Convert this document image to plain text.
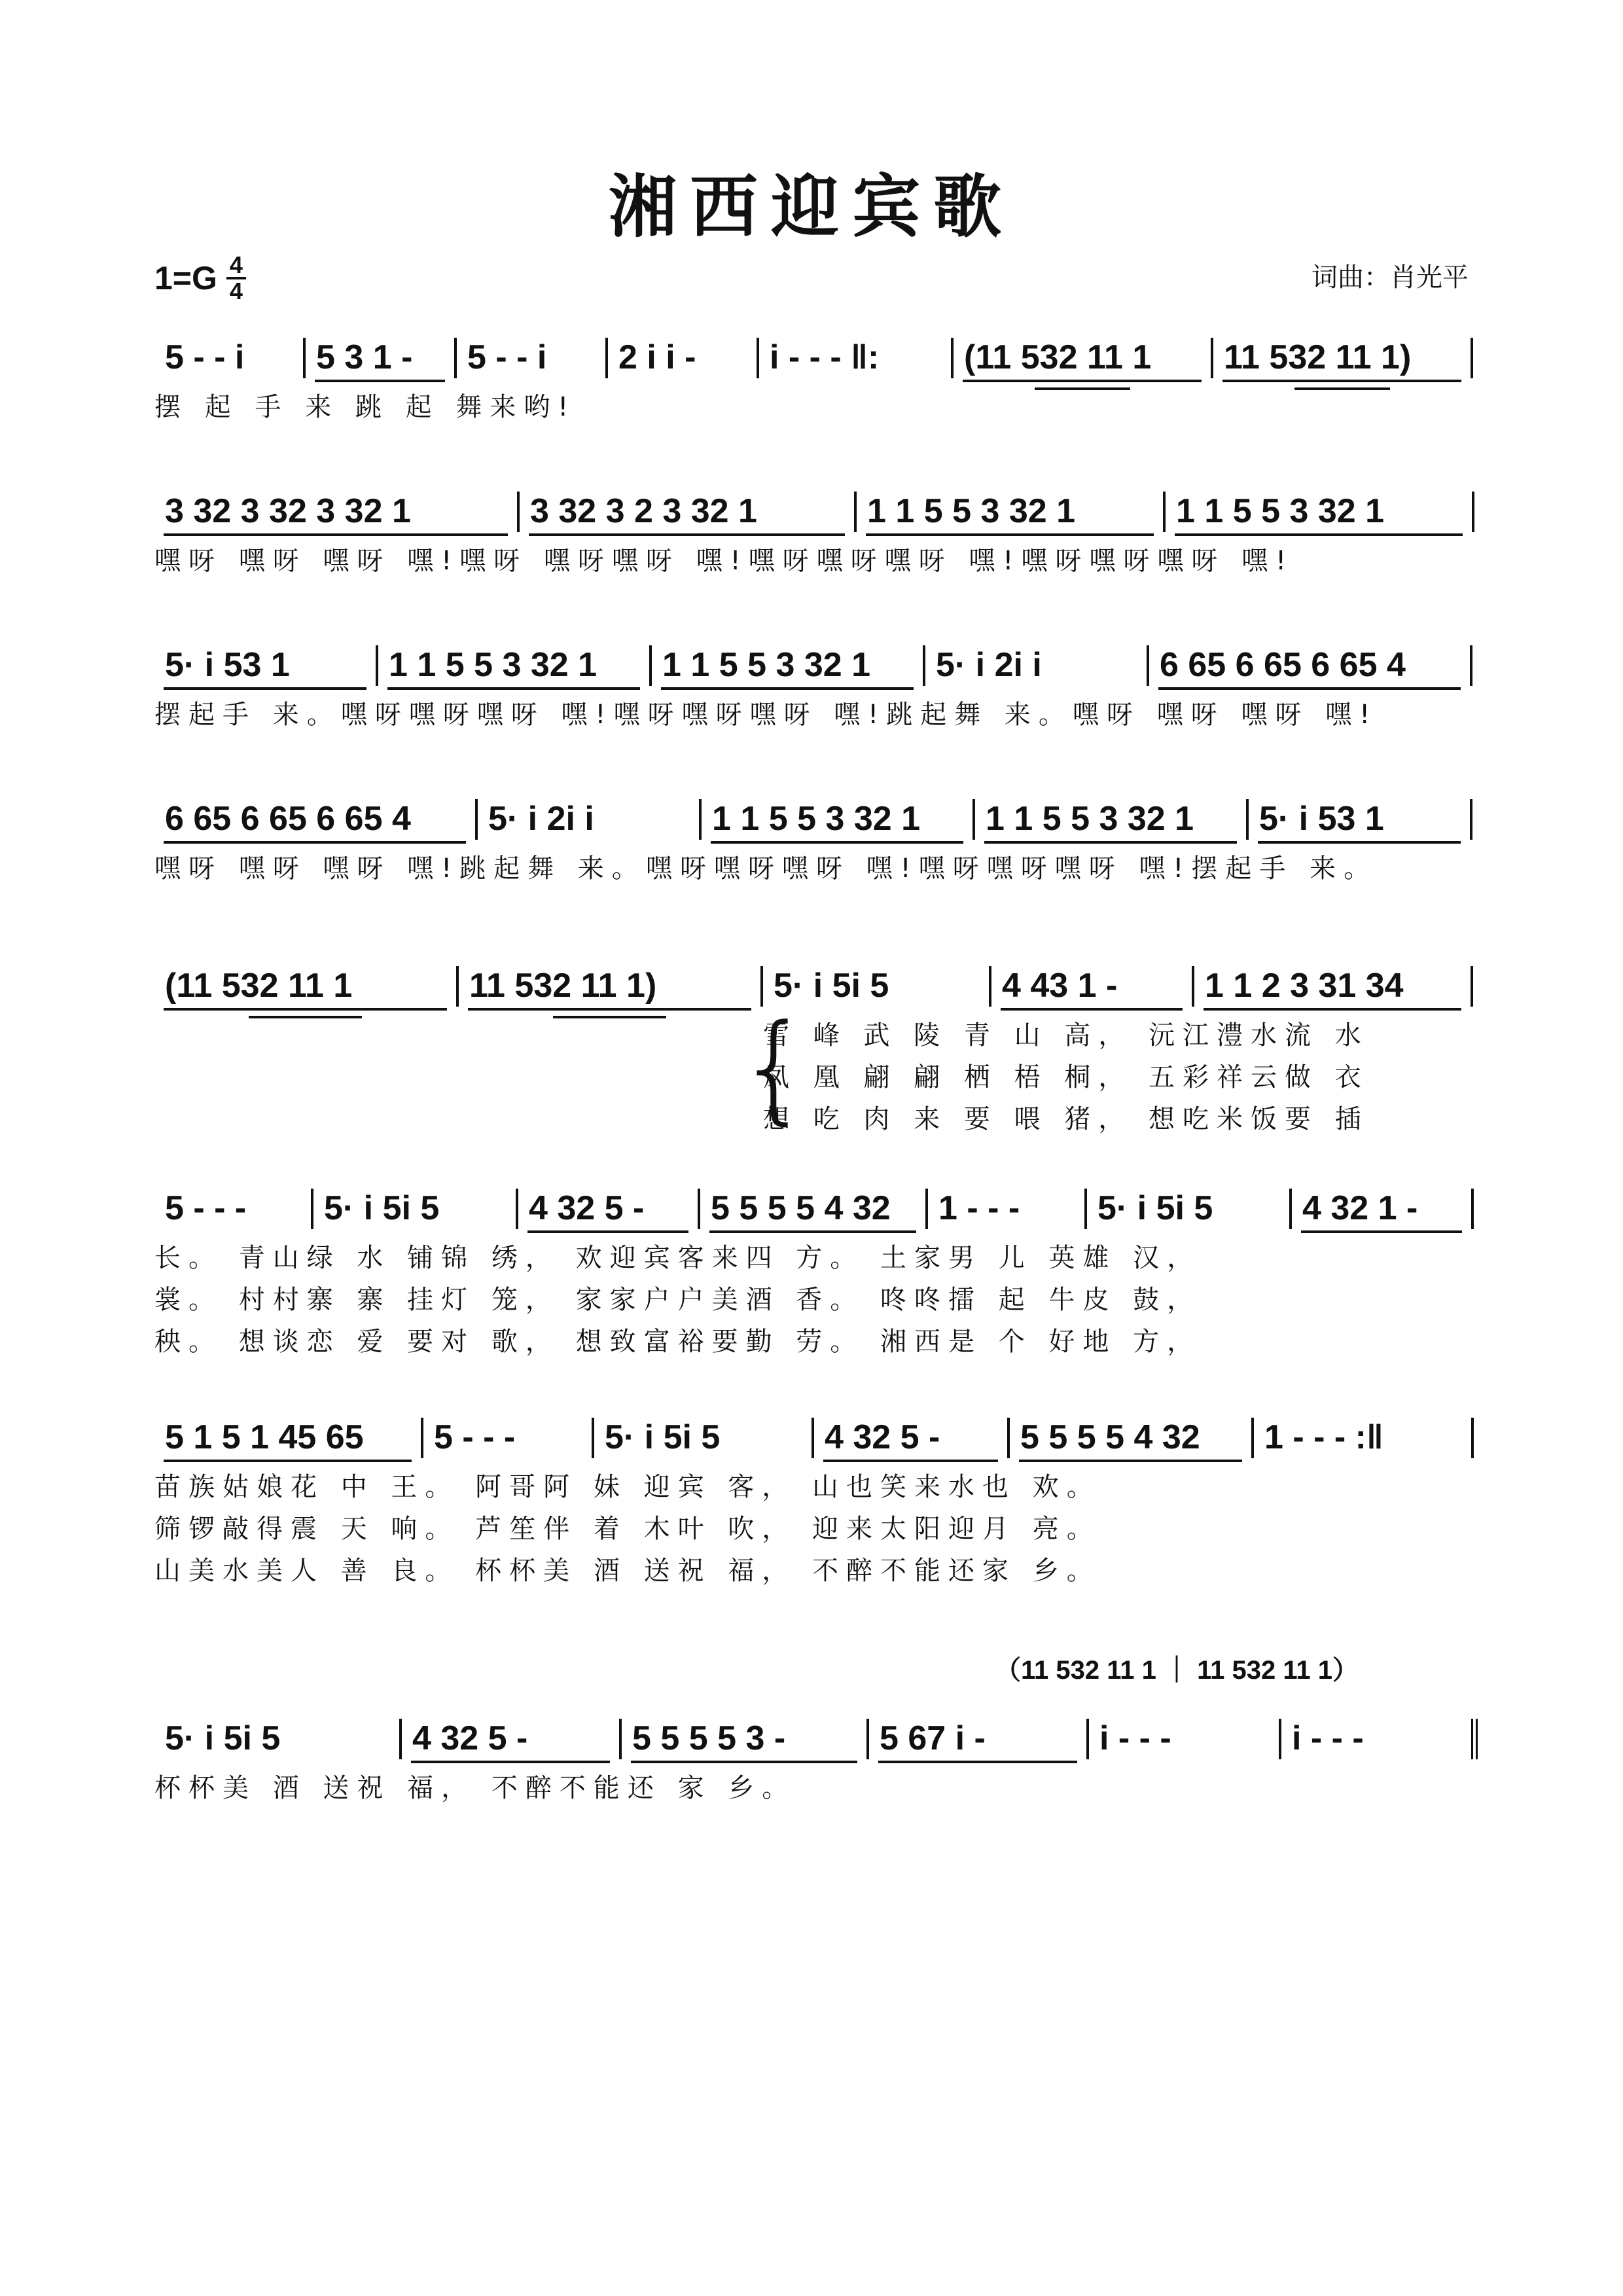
湘西迎宾歌
1=G 4
4	词曲：肖光平
5 - - i 5 3 1 - 5 - - i 2 i i - i - - - ‖: (11 532 11 1 11 532 11 1)
摆 起 手 来 跳 起 舞来哟!
3 32 3 32 3 32 1	3 32 3 2 3 32 1	1 1 5 5 3 32 1	1 1 5 5 3 32 1
嘿呀 嘿呀 嘿呀 嘿!嘿呀 嘿呀嘿呀 嘿!嘿呀嘿呀嘿呀 嘿!嘿呀嘿呀嘿呀 嘿!
5· i 53 1	1 1 5 5 3 32 1 1 1 5 5 3 32 1 5· i 2i i	6 65 6 65 6 65 4
摆起手 来。嘿呀嘿呀嘿呀 嘿!嘿呀嘿呀嘿呀 嘿!跳起舞 来。嘿呀 嘿呀 嘿呀 嘿!
6 65 6 65 6 65 4 5· i 2i i	1 1 5 5 3 32 1 1 1 5 5 3 32 1 5· i 53 1
嘿呀 嘿呀 嘿呀 嘿!跳起舞 来。嘿呀嘿呀嘿呀 嘿!嘿呀嘿呀嘿呀 嘿!摆起手 来。
(11 532 11 1	11 532 11 1)	5· i 5i 5	4 43 1 -	1 1 2 3 31 34
{
雪 峰 武 陵 青 山 高， 沅江澧水流 水
凤 凰 翩 翩 栖 梧 桐， 五彩祥云做 衣
想 吃 肉 来 要 喂 猪， 想吃米饭要 插
5 - - - 5· i 5i 5	4 32 5 - 5 5 5 5 4 32 1 - - - 5· i 5i 5	4 32 1 -
长。 青山绿 水 铺锦 绣， 欢迎宾客来四 方。 土家男 儿 英雄 汉，
裳。 村村寨 寨 挂灯 笼， 家家户户美酒 香。 咚咚擂 起 牛皮 鼓，
秧。 想谈恋 爱 要对 歌， 想致富裕要勤 劳。 湘西是 个 好地 方，
5 1 5 1 45 65 5 - - -	5· i 5i 5	4 32 5 - 5 5 5 5 4 32 1 - - - :‖
苗族姑娘花 中 王。 阿哥阿 妹 迎宾 客， 山也笑来水也 欢。
筛锣敲得震 天 响。 芦笙伴 着 木叶 吹， 迎来太阳迎月 亮。
山美水美人 善 良。 杯杯美 酒 送祝 福， 不醉不能还家 乡。
（11 532 11 1 ｜ 11 532 11 1）
5· i 5i 5	4 32 5 -	5 5 5 5 3 -	5 67 i -	i - - -	i - - -
杯杯美 酒 送祝 福， 不醉不能还 家 乡。
